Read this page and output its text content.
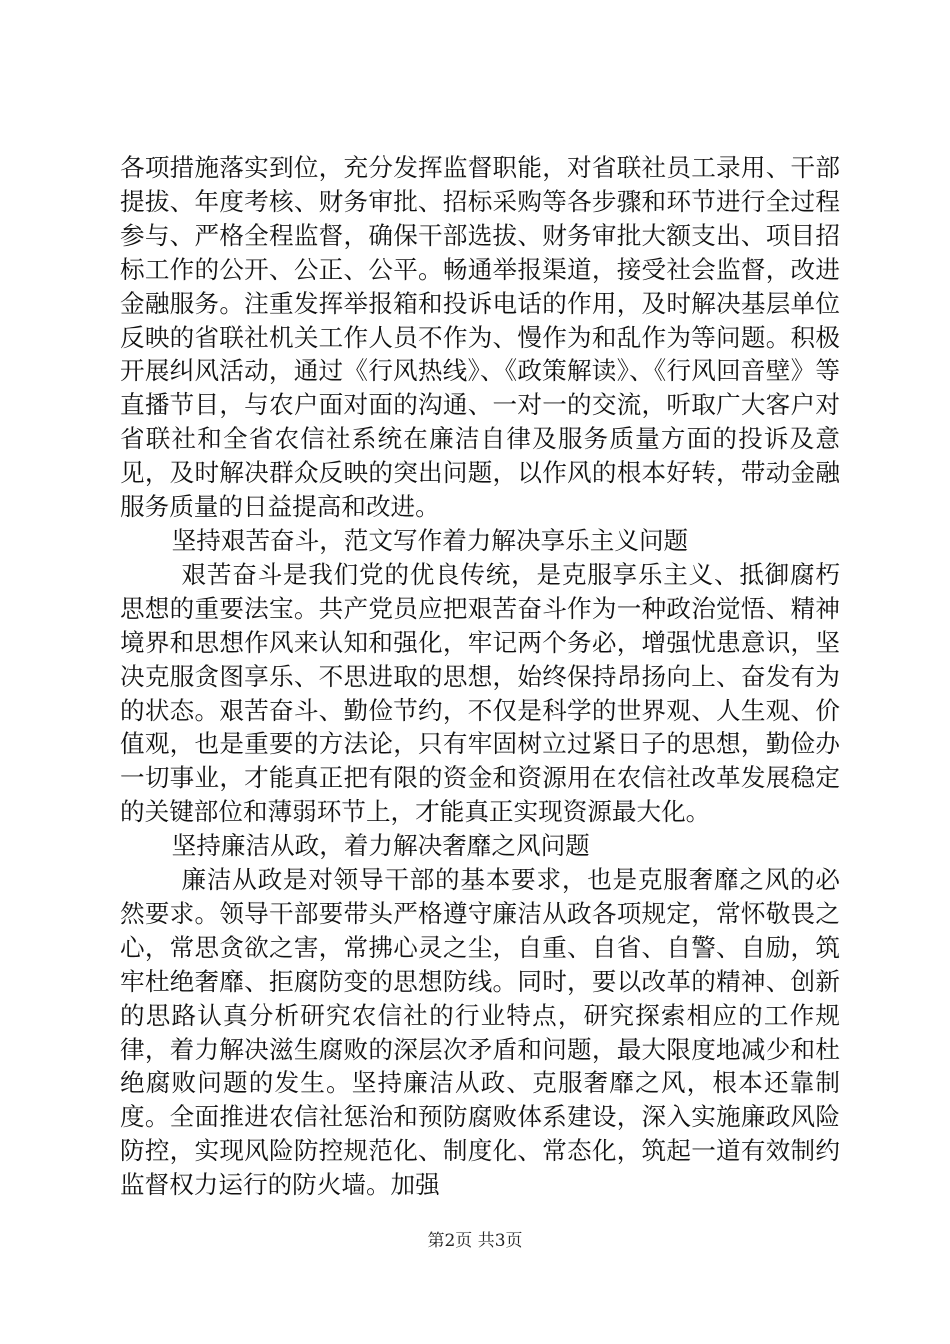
各项措施落实到位，充分发挥监督职能，对省联社员工录用、干部提拔、年度考核、财务审批、招标采购等各步骤和环节进行全过程参与、严格全程监督，确保干部选拔、财务审批大额支出、项目招标工作的公开、公正、公平。畅通举报渠道，接受社会监督，改进金融服务。注重发挥举报箱和投诉电话的作用，及时解决基层单位反映的省联社机关工作人员不作为、慢作为和乱作为等问题。积极开展纠风活动，通过《行风热线》、《政策解读》、《行风回音壁》等直播节目，与农户面对面的沟通、一对一的交流，听取广大客户对省联社和全省农信社系统在廉洁自律及服务质量方面的投诉及意见，及时解决群众反映的突出问题，以作风的根本好转，带动金融服务质量的日益提高和改进。

坚持艰苦奋斗，范文写作着力解决享乐主义问题

艰苦奋斗是我们党的优良传统，是克服享乐主义、抵御腐朽思想的重要法宝。共产党员应把艰苦奋斗作为一种政治觉悟、精神境界和思想作风来认知和强化，牢记两个务必，增强忧患意识，坚决克服贪图享乐、不思进取的思想，始终保持昂扬向上、奋发有为的状态。艰苦奋斗、勤俭节约，不仅是科学的世界观、人生观、价值观，也是重要的方法论，只有牢固树立过紧日子的思想，勤俭办一切事业，才能真正把有限的资金和资源用在农信社改革发展稳定的关键部位和薄弱环节上，才能真正实现资源最大化。

坚持廉洁从政，着力解决奢靡之风问题

廉洁从政是对领导干部的基本要求，也是克服奢靡之风的必然要求。领导干部要带头严格遵守廉洁从政各项规定，常怀敬畏之心，常思贪欲之害，常拂心灵之尘，自重、自省、自警、自励，筑牢杜绝奢靡、拒腐防变的思想防线。同时，要以改革的精神、创新的思路认真分析研究农信社的行业特点，研究探索相应的工作规律，着力解决滋生腐败的深层次矛盾和问题，最大限度地减少和杜绝腐败问题的发生。坚持廉洁从政、克服奢靡之风，根本还靠制度。全面推进农信社惩治和预防腐败体系建设，深入实施廉政风险防控，实现风险防控规范化、制度化、常态化，筑起一道有效制约监督权力运行的防火墙。加强

第2页 共3页
